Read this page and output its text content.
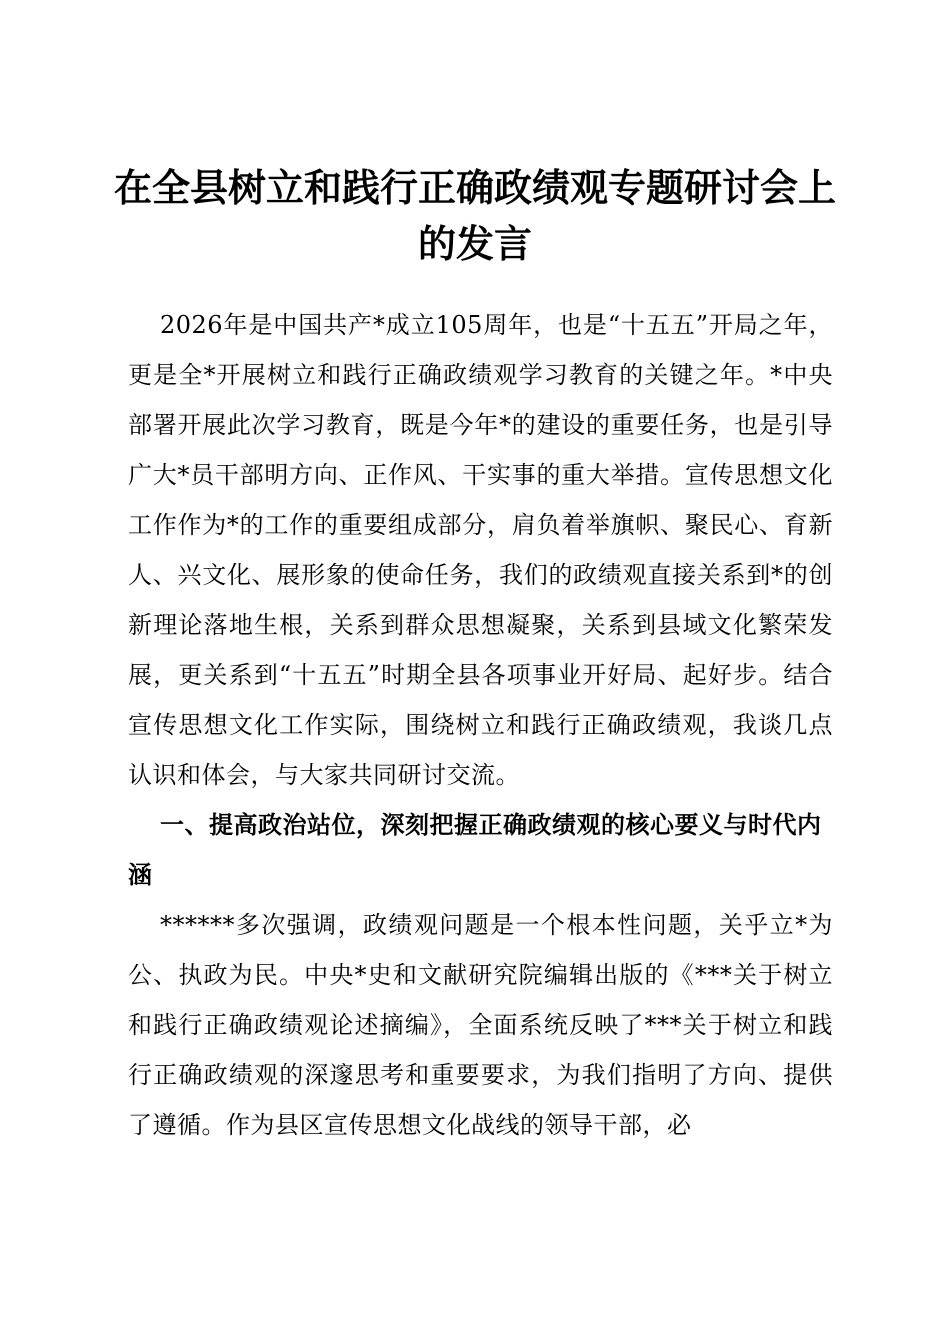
在全县树立和践行正确政绩观专题研讨会上的发言

2026年是中国共产*成立105周年，也是“十五五”开局之年，更是全*开展树立和践行正确政绩观学习教育的关键之年。*中央部署开展此次学习教育，既是今年*的建设的重要任务，也是引导广大*员干部明方向、正作风、干实事的重大举措。宣传思想文化工作作为*的工作的重要组成部分，肩负着举旗帜、聚民心、育新人、兴文化、展形象的使命任务，我们的政绩观直接关系到*的创新理论落地生根，关系到群众思想凝聚，关系到县域文化繁荣发展，更关系到“十五五”时期全县各项事业开好局、起好步。结合宣传思想文化工作实际，围绕树立和践行正确政绩观，我谈几点认识和体会，与大家共同研讨交流。

一、提高政治站位，深刻把握正确政绩观的核心要义与时代内涵

******多次强调，政绩观问题是一个根本性问题，关乎立*为公、执政为民。中央*史和文献研究院编辑出版的《***关于树立和践行正确政绩观论述摘编》，全面系统反映了***关于树立和践行正确政绩观的深邃思考和重要要求，为我们指明了方向、提供了遵循。作为县区宣传思想文化战线的领导干部，必
